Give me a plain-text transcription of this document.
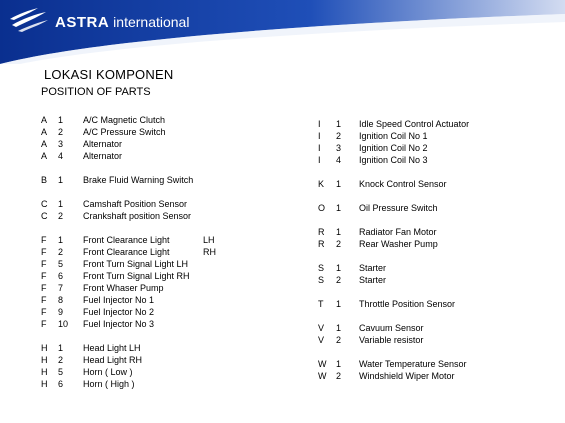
ASTRA international
LOKASI KOMPONEN
POSITION OF PARTS
A 1 A/C Magnetic Clutch
A 2 A/C Pressure Switch
A 3 Alternator
A 4 Alternator
B 1 Brake Fluid Warning Switch
C 1 Camshaft Position Sensor
C 2 Crankshaft position Sensor
F 1 Front Clearance Light	LH
F 2 Front Clearance Light	RH
F 5 Front Turn Signal Light LH
F 6 Front Turn Signal Light RH
F 7 Front Whaser Pump
F 8 Fuel Injector No 1
F 9 Fuel Injector No 2
F 10 Fuel Injector No 3
H 1 Head Light LH
H 2 Head Light RH
H 5 Horn ( Low )
H 6 Horn ( High )
I 1 Idle Speed Control Actuator
I 2 Ignition Coil No 1
I 3 Ignition Coil No 2
I 4 Ignition Coil No 3
K 1 Knock Control Sensor
O 1 Oil Pressure Switch
R 1 Radiator Fan Motor
R 2 Rear Washer Pump
S 1 Starter
S 2 Starter
T 1 Throttle Position Sensor
V 1 Cavuum Sensor
V 2 Variable resistor
W 1 Water Temperature Sensor
W 2 Windshield Wiper Motor
